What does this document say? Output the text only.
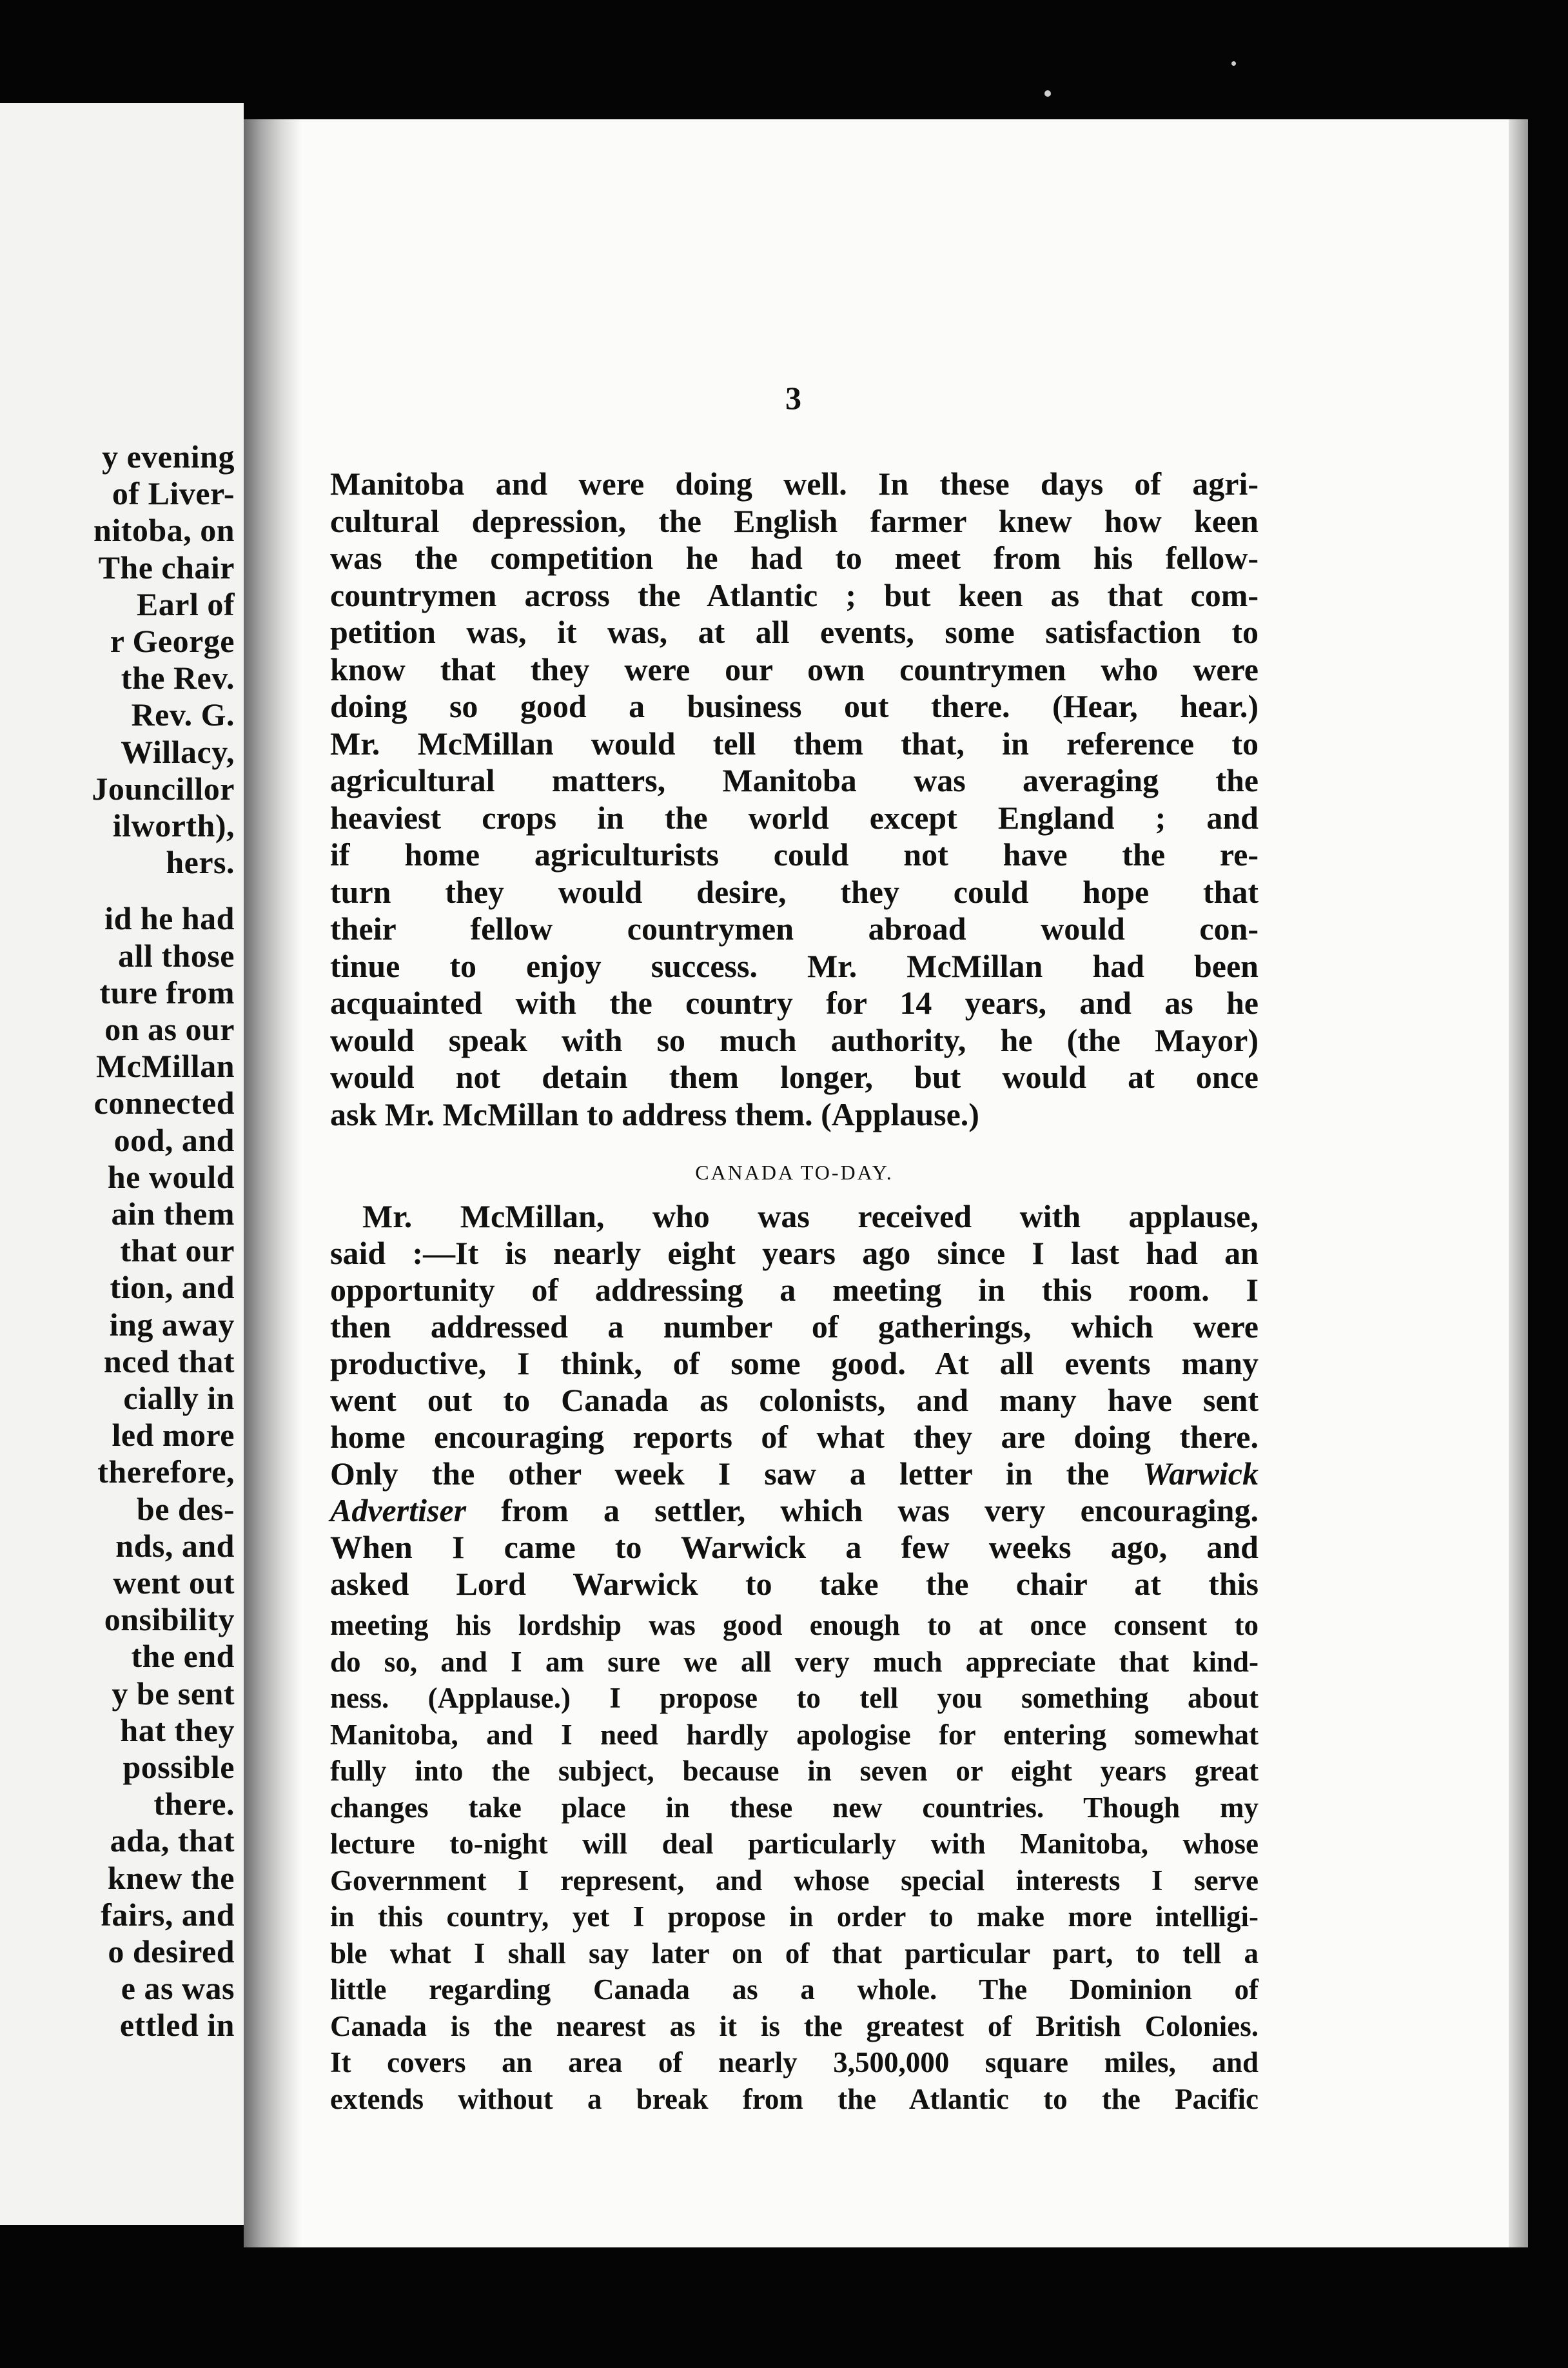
y evening
of Liver-
nitoba, on
The chair
Earl of
r George
the Rev.
Rev. G.
Willacy,
Jouncillor
ilworth),
hers.
id he had
all those
ture from
on as our
McMillan
connected
ood, and
he would
ain them
that our
tion, and
ing away
nced that
cially in
led more
therefore,
be des-
nds, and
went out
onsibility
the end
y be sent
hat they
possible
there.
ada, that
knew the
fairs, and
o desired
e as was
ettled in
3
Manitoba and were doing well. In these days of agri-
cultural depression, the English farmer knew how keen
was the competition he had to meet from his fellow-
countrymen across the Atlantic ; but keen as that com-
petition was, it was, at all events, some satisfaction to
know that they were our own countrymen who were
doing so good a business out there. (Hear, hear.)
Mr. McMillan would tell them that, in reference to
agricultural matters, Manitoba was averaging the
heaviest crops in the world except England ; and
if home agriculturists could not have the re-
turn they would desire, they could hope that
their fellow countrymen abroad would con-
tinue to enjoy success. Mr. McMillan had been
acquainted with the country for 14 years, and as he
would speak with so much authority, he (the Mayor)
would not detain them longer, but would at once
ask Mr. McMillan to address them. (Applause.)
Mr. McMillan, who was received with applause,
said :—It is nearly eight years ago since I last had an
opportunity of addressing a meeting in this room. I
then addressed a number of gatherings, which were
productive, I think, of some good. At all events many
went out to Canada as colonists, and many have sent
home encouraging reports of what they are doing there.
Only the other week I saw a letter in the Warwick
Advertiser from a settler, which was very encouraging.
When I came to Warwick a few weeks ago, and
asked Lord Warwick to take the chair at this
meeting his lordship was good enough to at once consent to
do so, and I am sure we all very much appreciate that kind-
ness. (Applause.) I propose to tell you something about
Manitoba, and I need hardly apologise for entering somewhat
fully into the subject, because in seven or eight years great
changes take place in these new countries. Though my
lecture to-night will deal particularly with Manitoba, whose
Government I represent, and whose special interests I serve
in this country, yet I propose in order to make more intelligi-
ble what I shall say later on of that particular part, to tell a
little regarding Canada as a whole. The Dominion of
Canada is the nearest as it is the greatest of British Colonies.
It covers an area of nearly 3,500,000 square miles, and
extends without a break from the Atlantic to the Pacific
CANADA TO-DAY.
